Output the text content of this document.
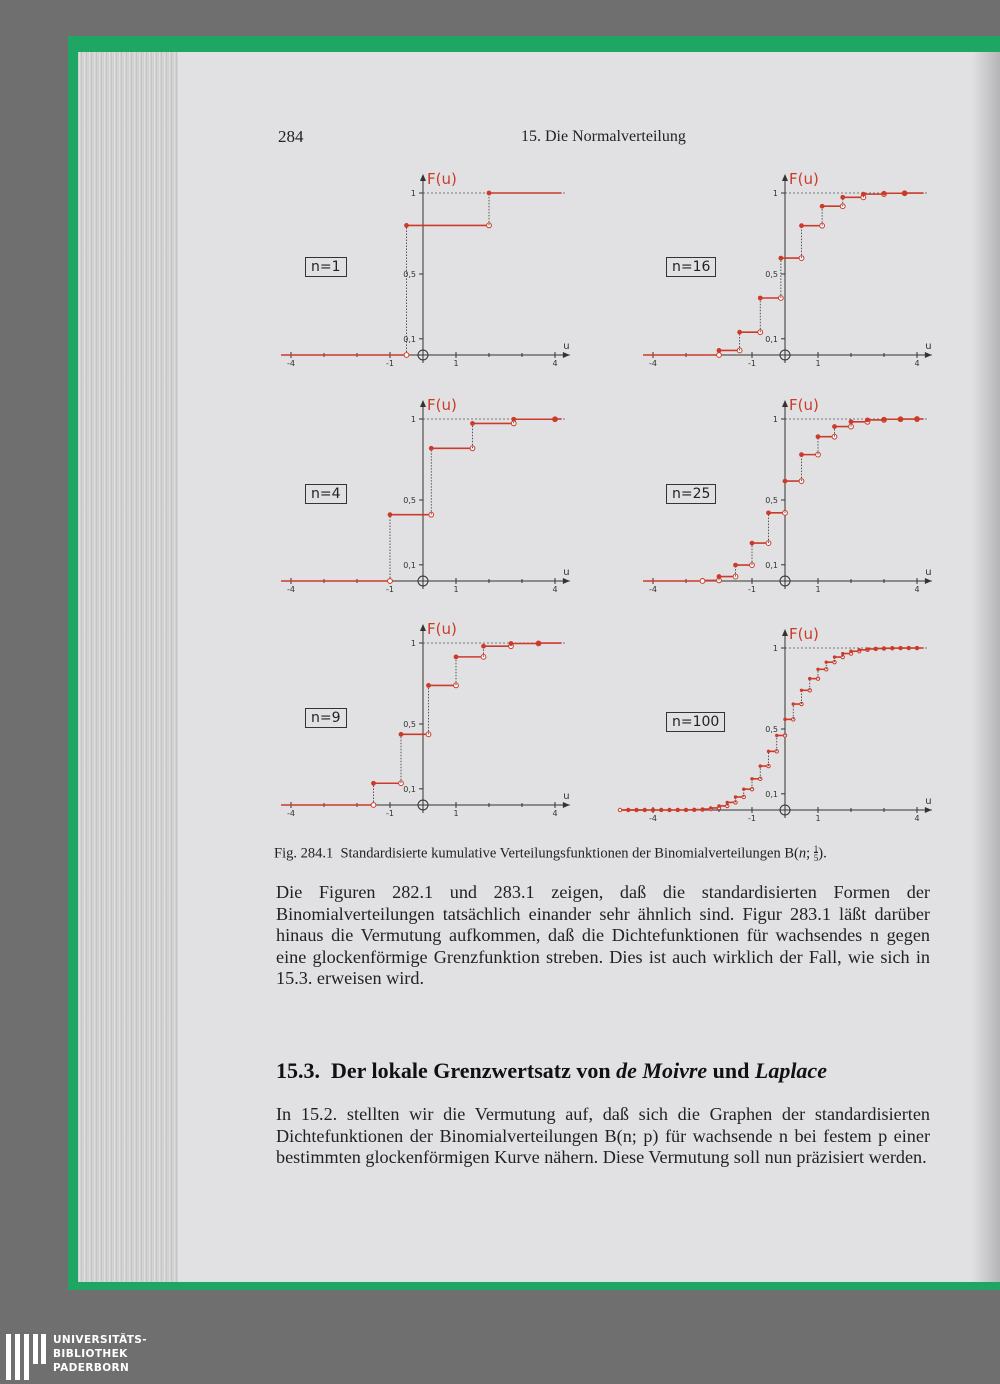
284	15. Die Normalverteilung
n=1	n=16
n=4	n=25
n=9	n=100
1
0,5
0,1
-4	-1	1	4
F(u)
u
1
0,5
0,1
-4	-1	1	4
F(u)
u
1
0,5
0,1
-4	-1	1	4
F(u)
u
1
0,5
0,1
-4	-1	1	4
F(u)
u
1
0,5
0,1
-4	-1	1	4
F(u)
u
1
0,5
0,1
-4	-1	1	4
F(u)
u
Fig. 284.1 Standardisierte kumulative Verteilungsfunktionen der Binomialverteilungen B(n; $\frac{1}{5}$).
Die Figuren 282.1 und 283.1 zeigen, daß die standardisierten Formen der Binomialverteilungen tatsächlich einander sehr ähnlich sind. Figur 283.1 läßt darüber hinaus die Vermutung aufkommen, daß die Dichtefunktionen für wachsendes n gegen eine glockenförmige Grenzfunktion streben. Dies ist auch wirklich der Fall, wie sich in 15.3. erweisen wird.
15.3. Der lokale Grenzwertsatz von de Moivre und Laplace
In 15.2. stellten wir die Vermutung auf, daß sich die Graphen der standardisierten Dichtefunktionen der Binomialverteilungen B(n; p) für wachsende n bei festem p einer bestimmten glockenförmigen Kurve nähern. Diese Vermutung soll nun präzisiert werden.
UNIVERSITÄTS-
BIBLIOTHEK
PADERBORN
